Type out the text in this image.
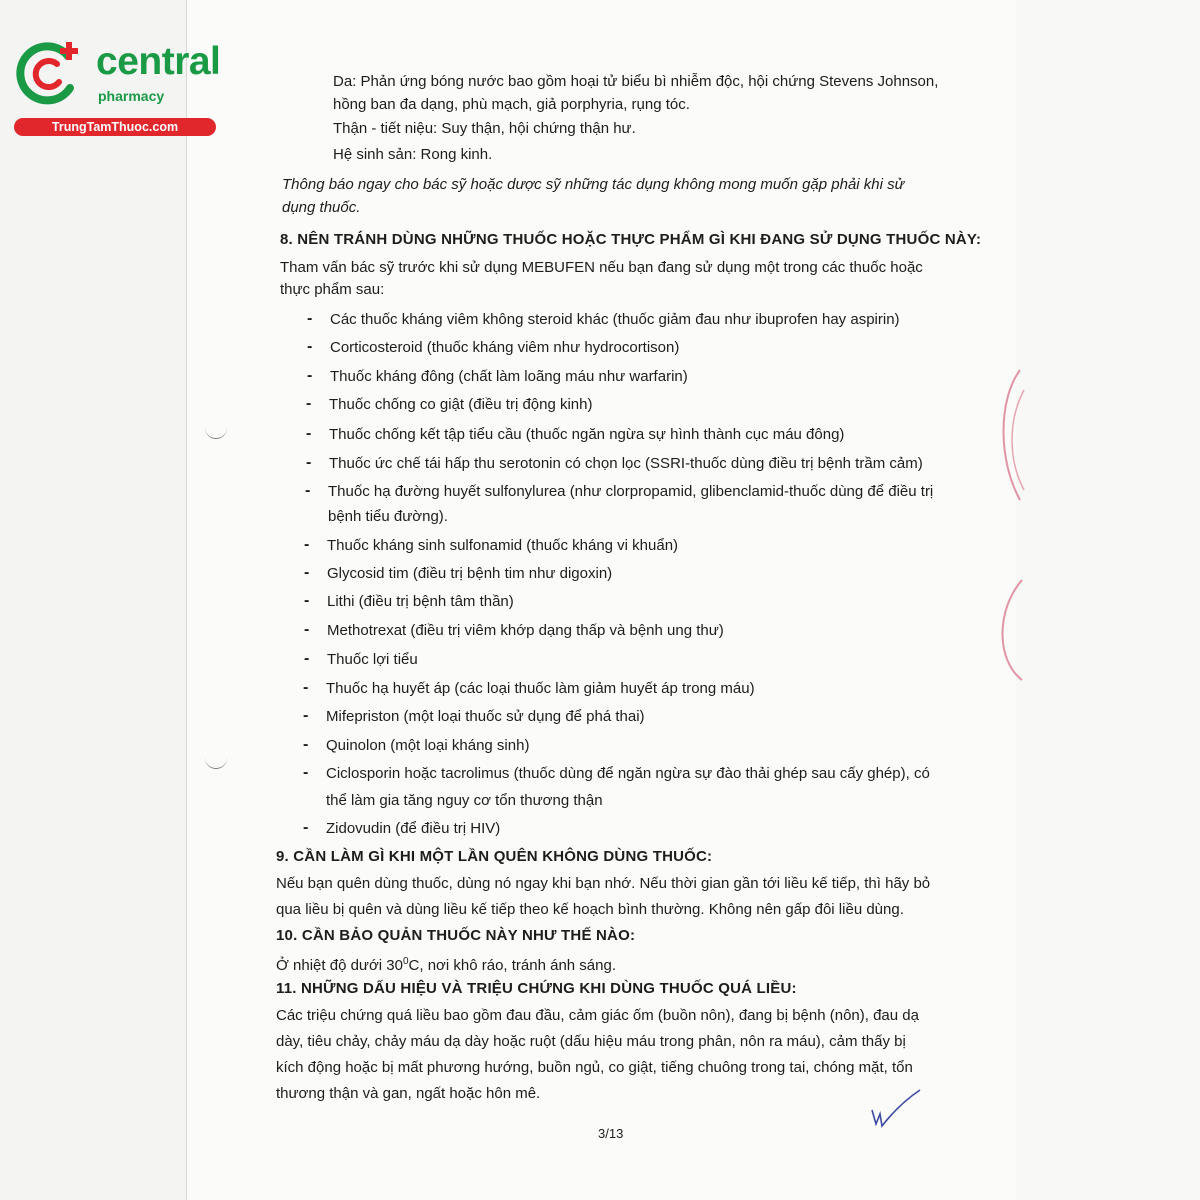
central
pharmacy
TrungTamThuoc.com
Da: Phản ứng bóng nước bao gồm hoại tử biểu bì nhiễm độc, hội chứng Stevens Johnson,
hồng ban đa dạng, phù mạch, giả porphyria, rụng tóc.
Thận - tiết niệu: Suy thận, hội chứng thận hư.
Hệ sinh sản: Rong kinh.
Thông báo ngay cho bác sỹ hoặc dược sỹ những tác dụng không mong muốn gặp phải khi sử
dụng thuốc.
8. NÊN TRÁNH DÙNG NHỮNG THUỐC HOẶC THỰC PHẨM GÌ KHI ĐANG SỬ DỤNG THUỐC NÀY:
Tham vấn bác sỹ trước khi sử dụng MEBUFEN nếu bạn đang sử dụng một trong các thuốc hoặc
thực phẩm sau:
- Các thuốc kháng viêm không steroid khác (thuốc giảm đau như ibuprofen hay aspirin)
- Corticosteroid (thuốc kháng viêm như hydrocortison)
- Thuốc kháng đông (chất làm loãng máu như warfarin)
- Thuốc chống co giật (điều trị động kinh)
- Thuốc chống kết tập tiểu cầu (thuốc ngăn ngừa sự hình thành cục máu đông)
- Thuốc ức chế tái hấp thu serotonin có chọn lọc (SSRI-thuốc dùng điều trị bệnh trầm cảm)
- Thuốc hạ đường huyết sulfonylurea (như clorpropamid, glibenclamid-thuốc dùng để điều trị
bệnh tiểu đường).
- Thuốc kháng sinh sulfonamid (thuốc kháng vi khuẩn)
- Glycosid tim (điều trị bệnh tim như digoxin)
- Lithi (điều trị bệnh tâm thần)
- Methotrexat (điều trị viêm khớp dạng thấp và bệnh ung thư)
- Thuốc lợi tiểu
- Thuốc hạ huyết áp (các loại thuốc làm giảm huyết áp trong máu)
- Mifepriston (một loại thuốc sử dụng để phá thai)
- Quinolon (một loại kháng sinh)
- Ciclosporin hoặc tacrolimus (thuốc dùng để ngăn ngừa sự đào thải ghép sau cấy ghép), có
thể làm gia tăng nguy cơ tổn thương thận
- Zidovudin (để điều trị HIV)
9. CẦN LÀM GÌ KHI MỘT LẦN QUÊN KHÔNG DÙNG THUỐC:
Nếu bạn quên dùng thuốc, dùng nó ngay khi bạn nhớ. Nếu thời gian gần tới liều kế tiếp, thì hãy bỏ
qua liều bị quên và dùng liều kế tiếp theo kế hoạch bình thường. Không nên gấp đôi liều dùng.
10. CẦN BẢO QUẢN THUỐC NÀY NHƯ THẾ NÀO:
Ở nhiệt độ dưới $30^0C$, nơi khô ráo, tránh ánh sáng.
11. NHỮNG DẤU HIỆU VÀ TRIỆU CHỨNG KHI DÙNG THUỐC QUÁ LIỀU:
Các triệu chứng quá liều bao gồm đau đầu, cảm giác ốm (buồn nôn), đang bị bệnh (nôn), đau dạ
dày, tiêu chảy, chảy máu dạ dày hoặc ruột (dấu hiệu máu trong phân, nôn ra máu), cảm thấy bị
kích động hoặc bị mất phương hướng, buồn ngủ, co giật, tiếng chuông trong tai, chóng mặt, tổn
thương thận và gan, ngất hoặc hôn mê.
3/13
